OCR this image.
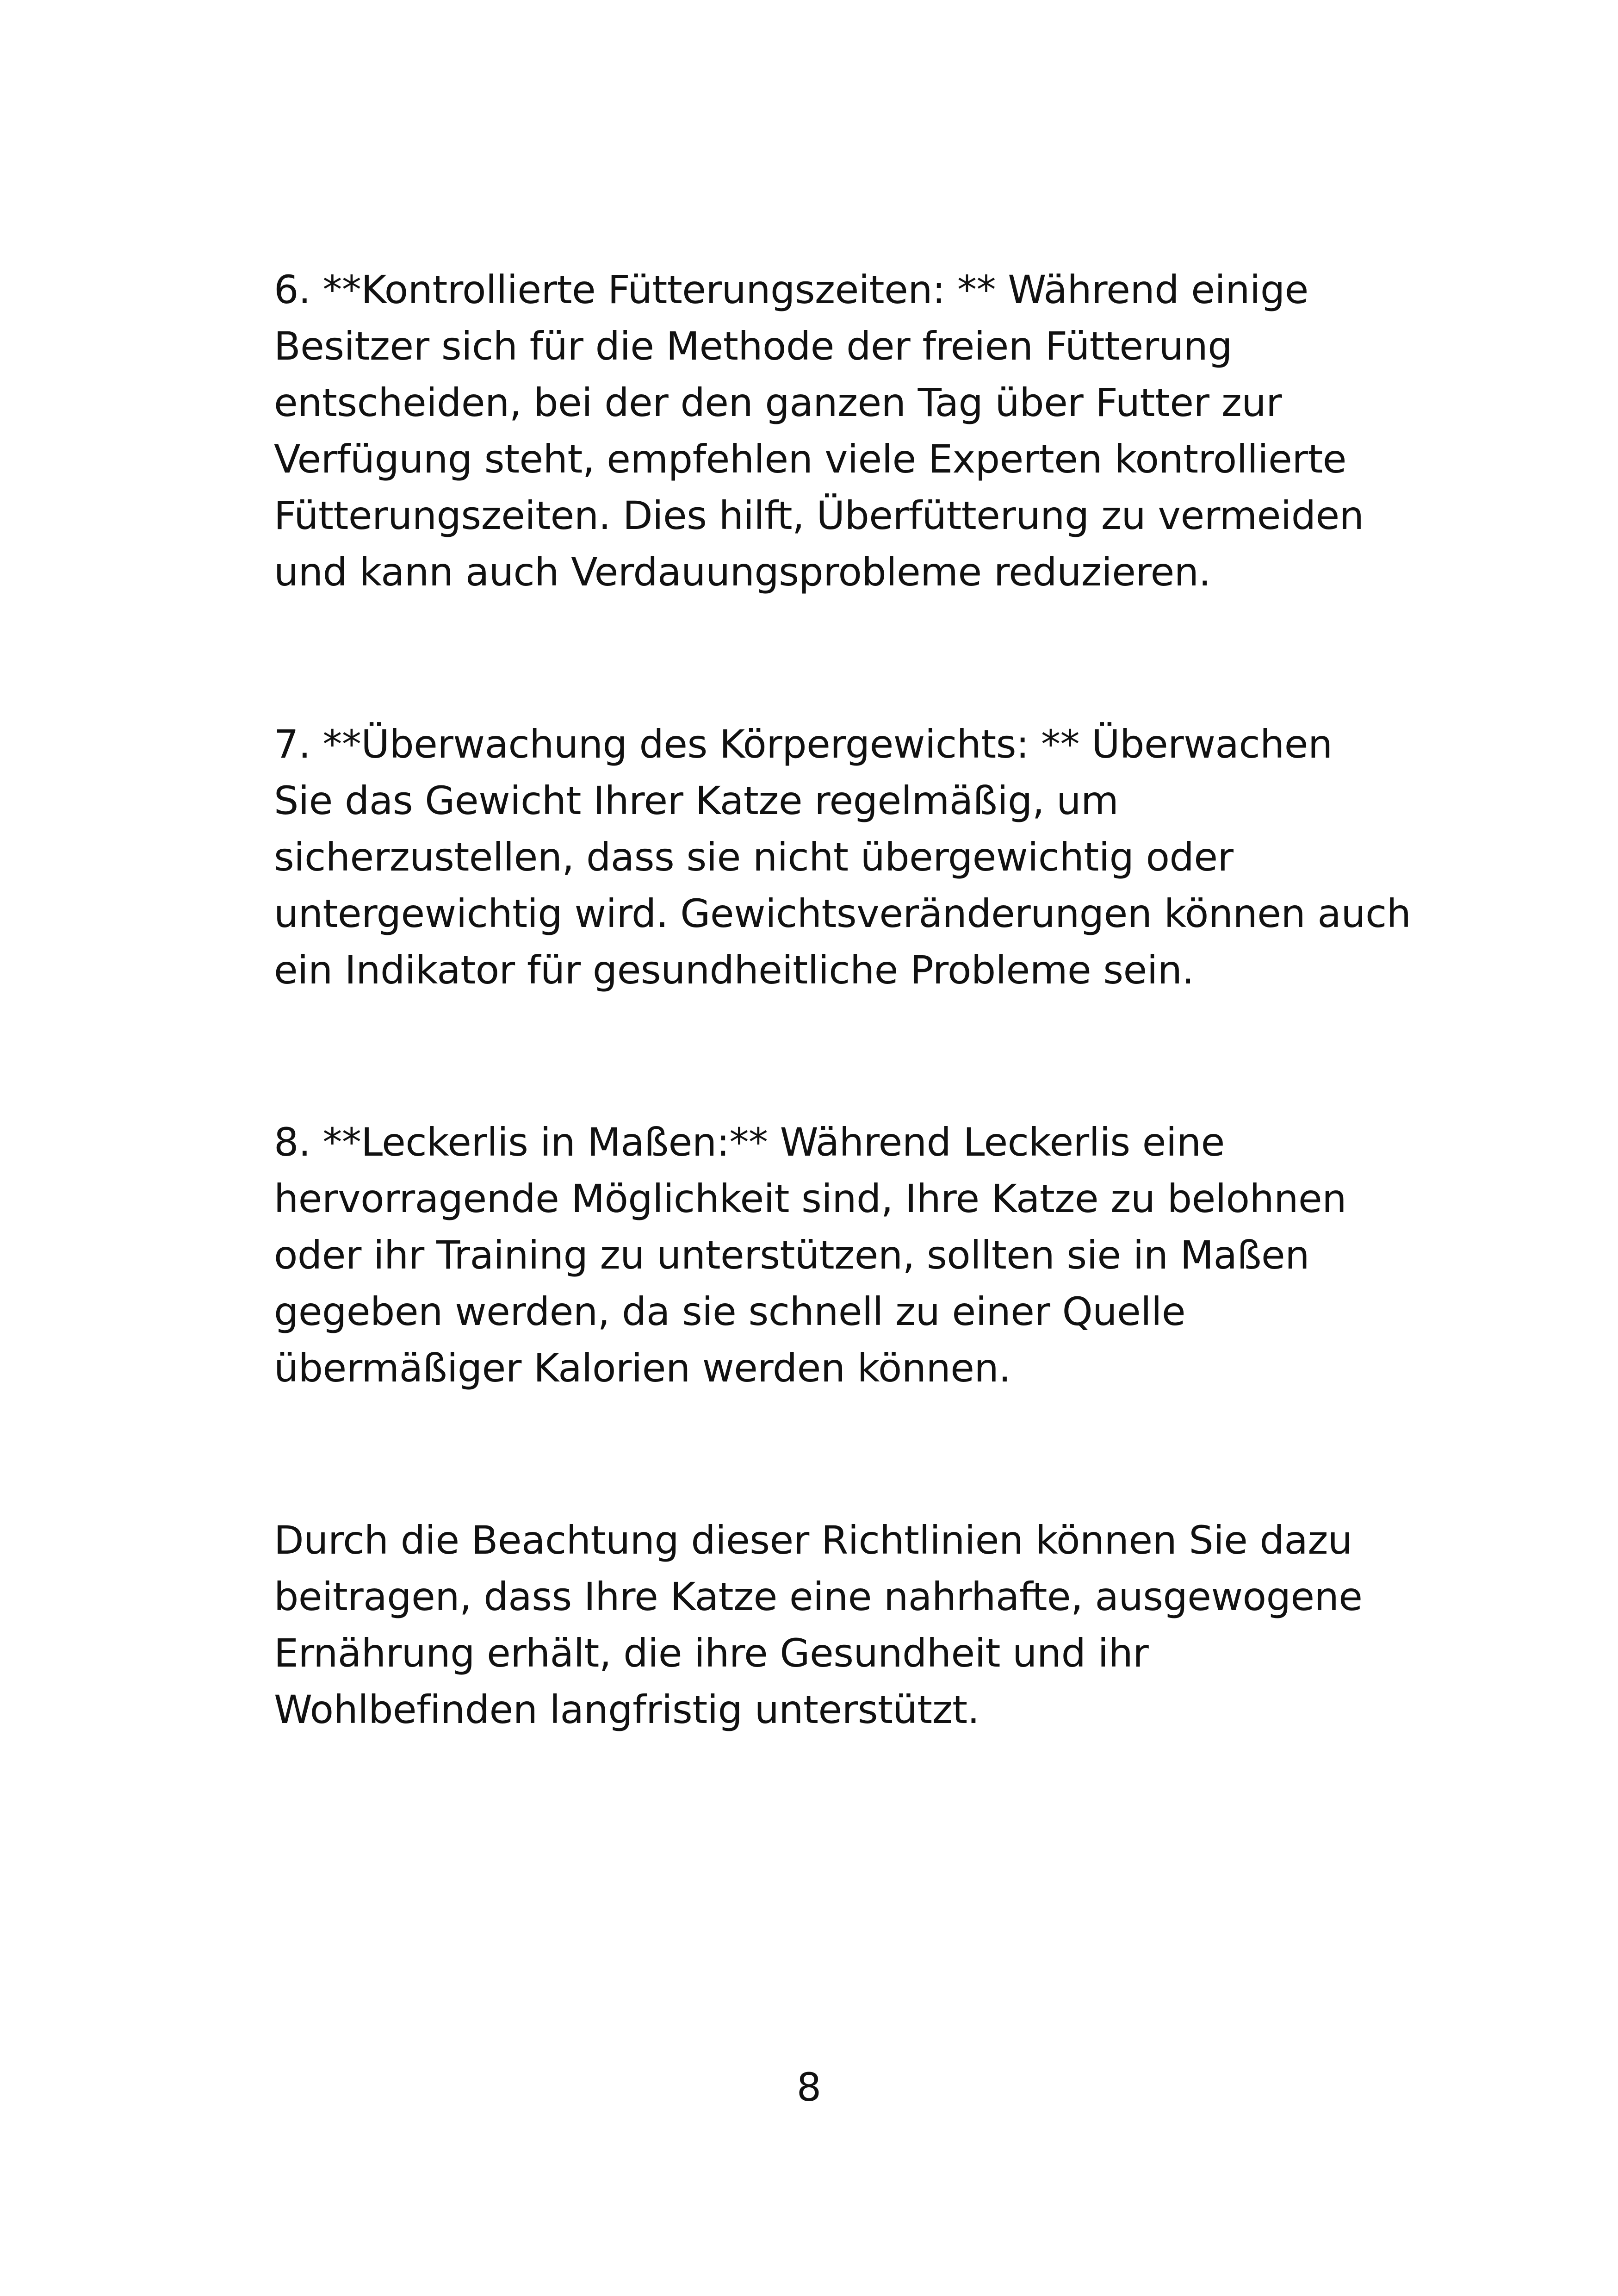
6. **Kontrollierte Fütterungszeiten: ** Während einige
Besitzer sich für die Methode der freien Fütterung
entscheiden, bei der den ganzen Tag über Futter zur
Verfügung steht, empfehlen viele Experten kontrollierte
Fütterungszeiten. Dies hilft, Überfütterung zu vermeiden
und kann auch Verdauungsprobleme reduzieren.

7. **Überwachung des Körpergewichts: ** Überwachen
Sie das Gewicht Ihrer Katze regelmäßig, um
sicherzustellen, dass sie nicht übergewichtig oder
untergewichtig wird. Gewichtsveränderungen können auch
ein Indikator für gesundheitliche Probleme sein.

8. **Leckerlis in Maßen:** Während Leckerlis eine
hervorragende Möglichkeit sind, Ihre Katze zu belohnen
oder ihr Training zu unterstützen, sollten sie in Maßen
gegeben werden, da sie schnell zu einer Quelle
übermäßiger Kalorien werden können.

Durch die Beachtung dieser Richtlinien können Sie dazu
beitragen, dass Ihre Katze eine nahrhafte, ausgewogene
Ernährung erhält, die ihre Gesundheit und ihr
Wohlbefinden langfristig unterstützt.

8
